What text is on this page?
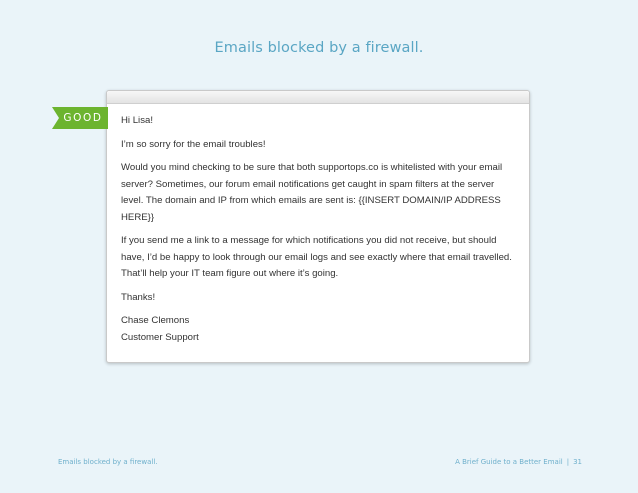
Emails blocked by a firewall.

Hi Lisa!

I’m so sorry for the email troubles!

Would you mind checking to be sure that both supportops.co is whitelisted with your email server? Sometimes, our forum email notifications get caught in spam filters at the server level. The domain and IP from which emails are sent is: {{INSERT DOMAIN/IP ADDRESS HERE}}

If you send me a link to a message for which notifications you did not receive, but should have, I’d be happy to look through our email logs and see exactly where that email travelled. That’ll help your IT team figure out where it’s going.

Thanks!

Chase Clemons

Customer Support

GOOD
Emails blocked by a firewall.	A Brief Guide to a Better Email | 31
